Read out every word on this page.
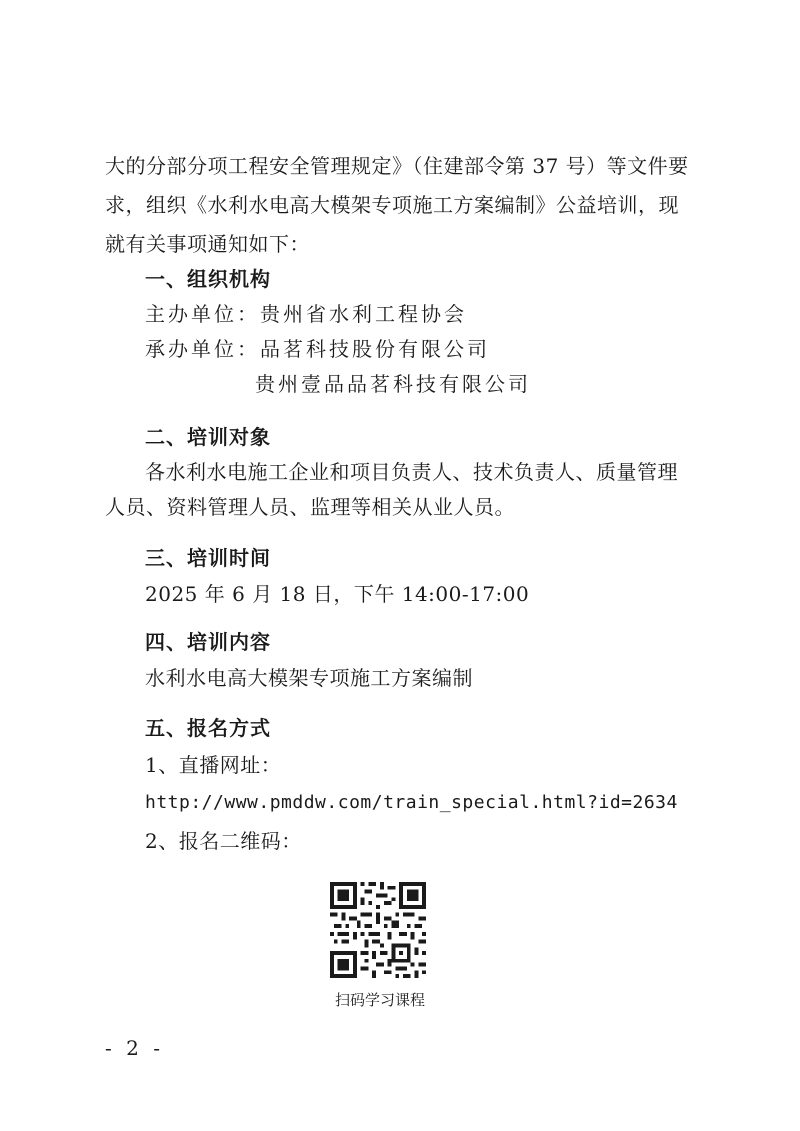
大的分部分项工程安全管理规定》（住建部令第 37 号）等文件要
求，组织《水利水电高大模架专项施工方案编制》公益培训，现
就有关事项通知如下：
一、组织机构
主办单位：贵州省水利工程协会
承办单位：品茗科技股份有限公司
贵州壹品品茗科技有限公司
二、培训对象
各水利水电施工企业和项目负责人、技术负责人、质量管理
人员、资料管理人员、监理等相关从业人员。
三、培训时间
2025 年 6 月 18 日，下午 14:00-17:00
四、培训内容
水利水电高大模架专项施工方案编制
五、报名方式
1、直播网址：
http://www.pmddw.com/train_special.html?id=2634
2、报名二维码：
扫码学习课程
- 2 -
